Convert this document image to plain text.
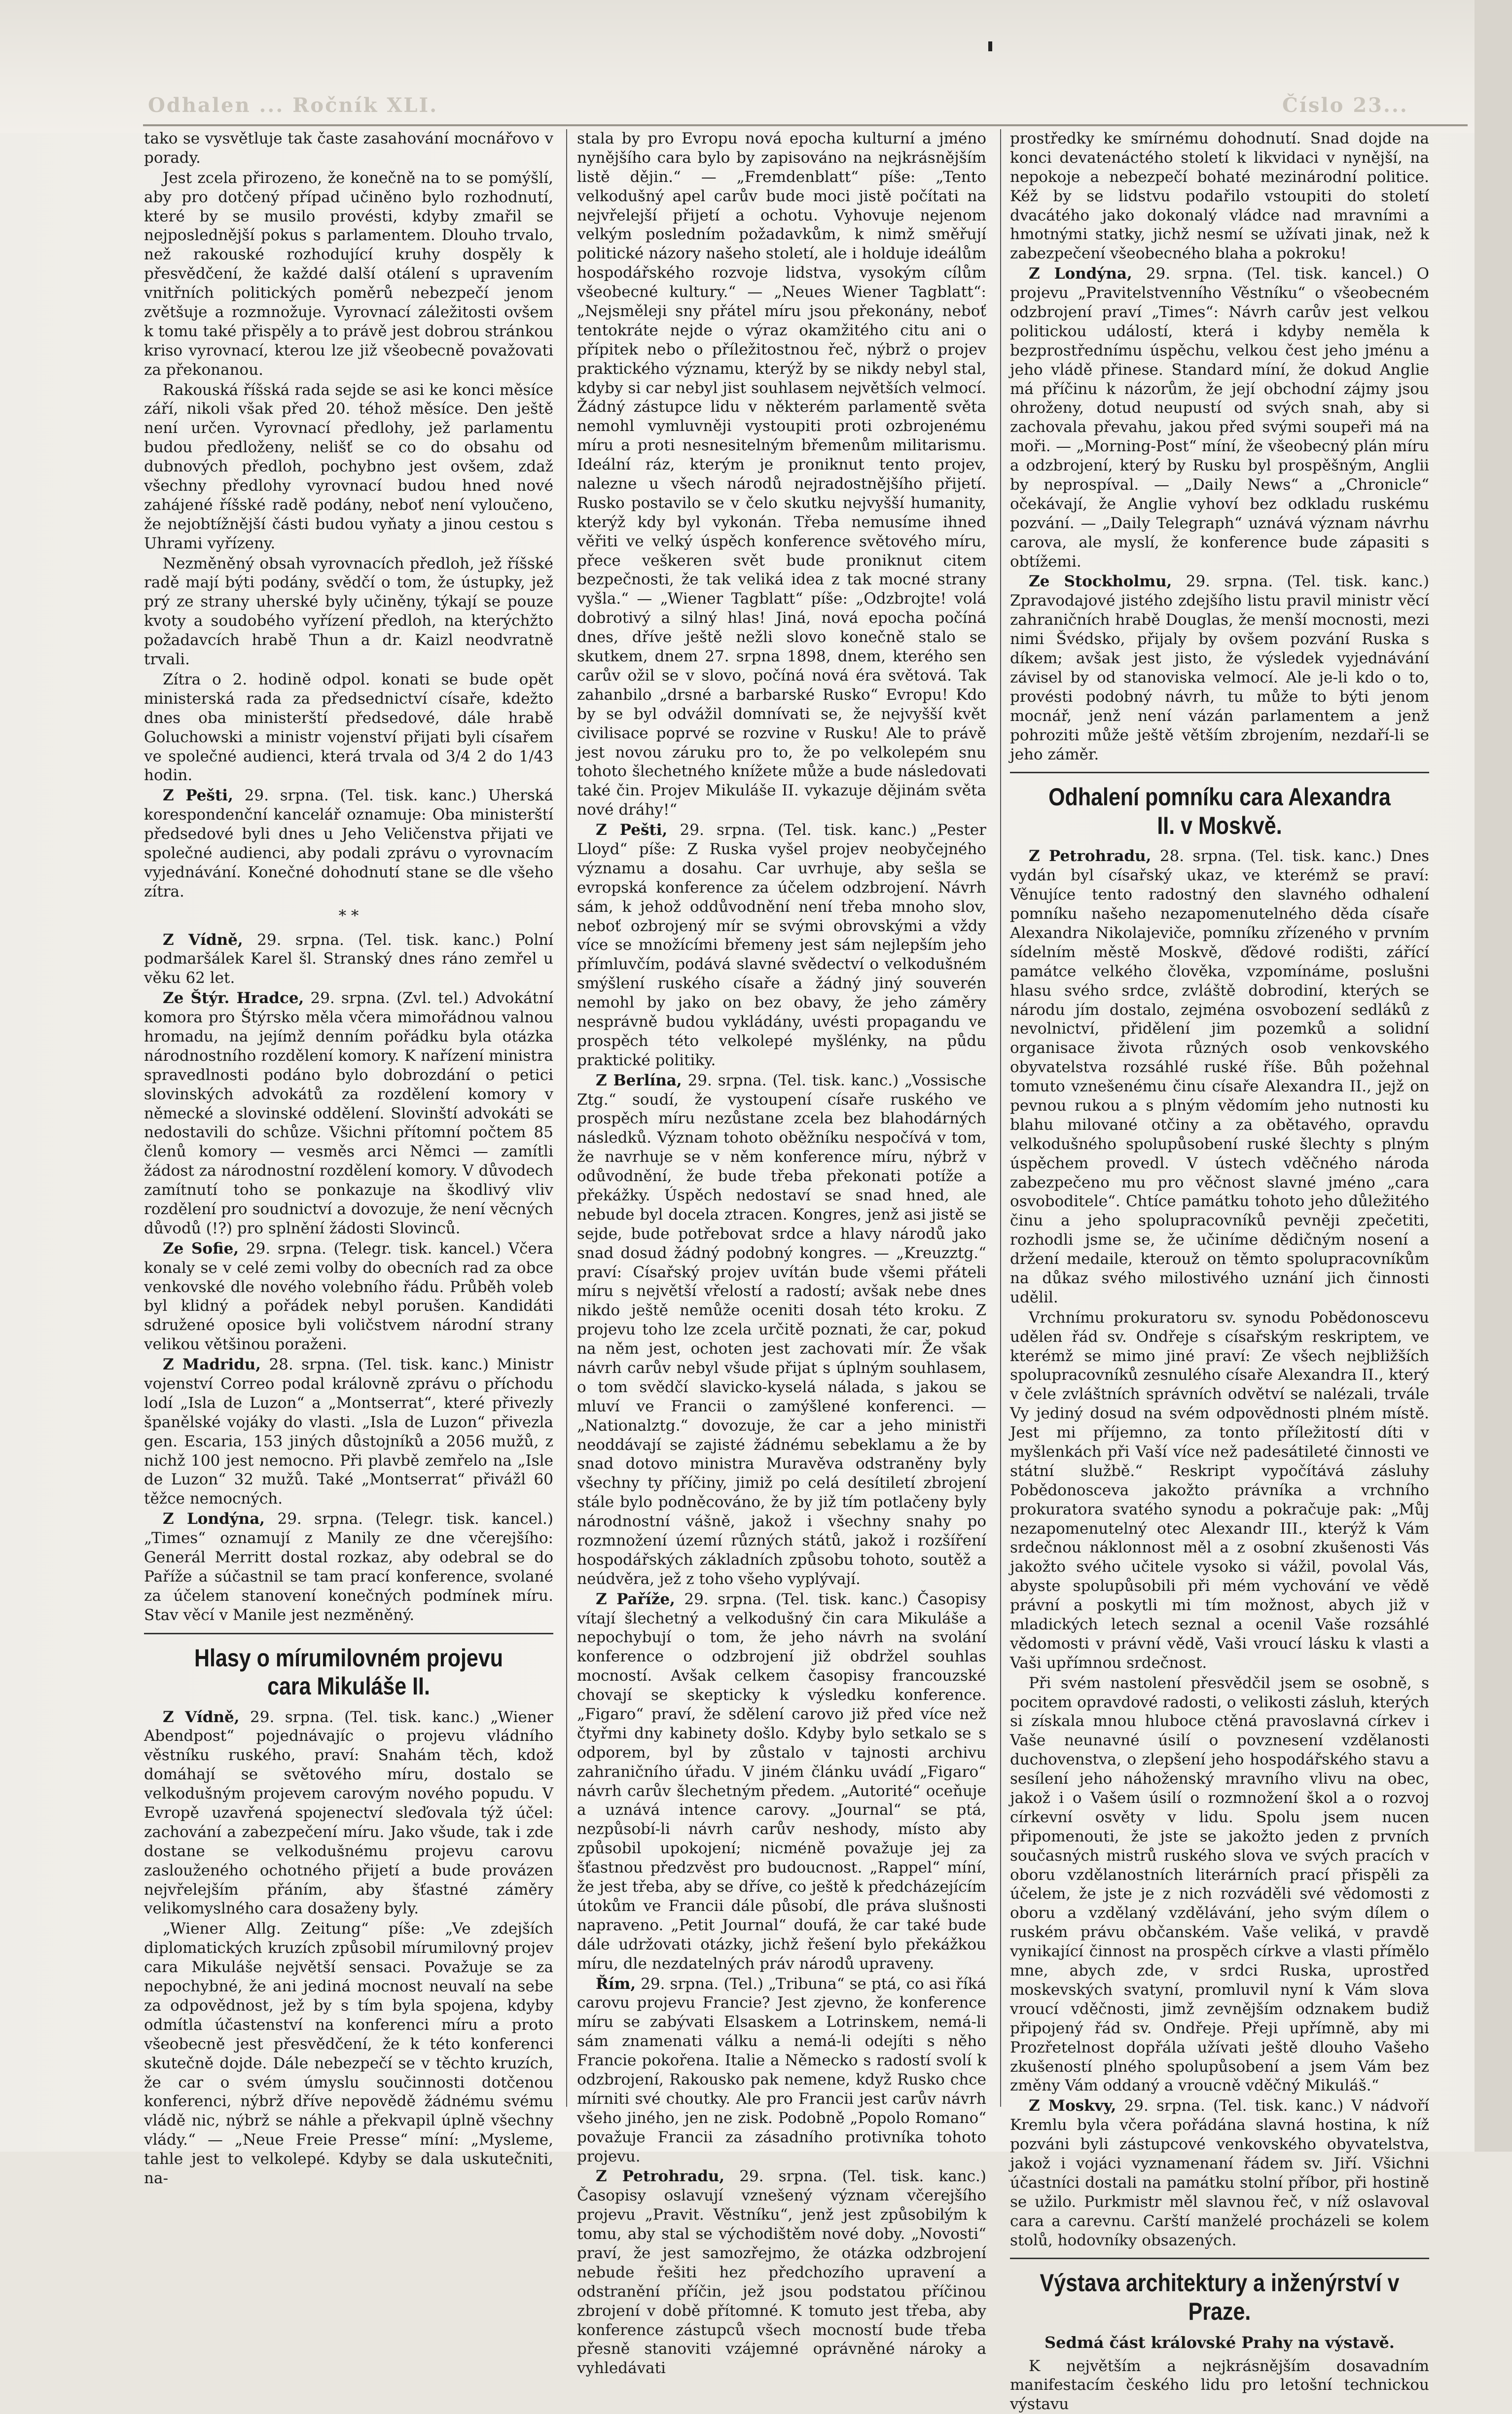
Odhalen ... Ročník XLI.	Číslo 23...

tako se vysvětluje tak časte zasahování mocnářovo v porady.

Jest zcela přirozeno, že konečně na to se pomýšlí, aby pro dotčený případ učiněno bylo rozhodnutí, které by se musilo provésti, kdyby zmařil se nejposlednější pokus s parlamentem. Dlouho trvalo, než rakouské rozhodující kruhy dospěly k přesvědčení, že každé další otálení s upravením vnitřních politických poměrů nebezpečí jenom zvětšuje a rozmnožuje. Vyrovnací záležitosti ovšem k tomu také přispěly a to právě jest dobrou stránkou kriso vyrovnací, kterou lze již všeobecně považovati za překonanou.

Rakouská říšská rada sejde se asi ke konci měsíce září, nikoli však před 20. téhož měsíce. Den ještě není určen. Vyrovnací předlohy, jež parlamentu budou předloženy, nelišť se co do obsahu od dubnových předloh, pochybno jest ovšem, zdaž všechny předlohy vyrovnací budou hned nové zahájené říšské radě podány, neboť není vyloučeno, že nejobtížnější části budou vyňaty a jinou cestou s Uhrami vyřízeny.

Nezměněný obsah vyrovnacích předloh, jež říšské radě mají býti podány, svědčí o tom, že ústupky, jež prý ze strany uherské byly učiněny, týkají se pouze kvoty a soudobého vyřízení předloh, na kterýchžto požadavcích hrabě Thun a dr. Kaizl neodvratně trvali.

Zítra o 2. hodině odpol. konati se bude opět ministerská rada za předsednictví císaře, kdežto dnes oba ministerští předsedové, dále hrabě Goluchowski a ministr vojenství přijati byli císařem ve společné audienci, která trvala od 3/4 2 do 1/43 hodin.

Z Pešti, 29. srpna. (Tel. tisk. kanc.) Uherská korespondenční kancelář oznamuje: Oba ministerští předsedové byli dnes u Jeho Veličenstva přijati ve společné audienci, aby podali zprávu o vyrovnacím vyjednávání. Konečné dohodnutí stane se dle všeho zítra.

* *

Z Vídně, 29. srpna. (Tel. tisk. kanc.) Polní podmaršálek Karel šl. Stranský dnes ráno zemřel u věku 62 let.

Ze Štýr. Hradce, 29. srpna. (Zvl. tel.) Advokátní komora pro Štýrsko měla včera mimořádnou valnou hromadu, na jejímž denním pořádku byla otázka národnostního rozdělení komory. K nařízení ministra spravedlnosti podáno bylo dobrozdání o petici slovinských advokátů za rozdělení komory v německé a slovinské oddělení. Slovinští advokáti se nedostavili do schůze. Všichni přítomní počtem 85 členů komory — vesměs arci Němci — zamítli žádost za národnostní rozdělení komory. V důvodech zamítnutí toho se ponkazuje na škodlivý vliv rozdělení pro soudnictví a dovozuje, že není věcných důvodů (!?) pro splnění žádosti Slovinců.

Ze Sofie, 29. srpna. (Telegr. tisk. kancel.) Včera konaly se v celé zemi volby do obecních rad za obce venkovské dle nového volebního řádu. Průběh voleb byl klidný a pořádek nebyl porušen. Kandidáti sdružené oposice byli voličstvem národní strany velikou většinou poraženi.

Z Madridu, 28. srpna. (Tel. tisk. kanc.) Ministr vojenství Correo podal královně zprávu o příchodu lodí „Isla de Luzon“ a „Montserrat“, které přivezly španělské vojáky do vlasti. „Isla de Luzon“ přivezla gen. Escaria, 153 jiných důstojníků a 2056 mužů, z nichž 100 jest nemocno. Při plavbě zemřelo na „Isle de Luzon“ 32 mužů. Také „Montserrat“ přivážl 60 těžce nemocných.

Z Londýna, 29. srpna. (Telegr. tisk. kancel.) „Times“ oznamují z Manily ze dne včerejšího: Generál Merritt dostal rozkaz, aby odebral se do Paříže a súčastnil se tam prací konference, svolané za účelem stanovení konečných podmínek míru. Stav věcí v Manile jest nezměněný.

Hlasy o mírumilovném projevu cara Mikuláše II.

Z Vídně, 29. srpna. (Tel. tisk. kanc.) „Wiener Abendpost“ pojednávajíc o projevu vládního věstníku ruského, praví: Snahám těch, kdož domáhají se světového míru, dostalo se velkodušným projevem carovým nového popudu. V Evropě uzavřená spojenectví sleďovala týž účel: zachování a zabezpečení míru. Jako všude, tak i zde dostane se velkodušnému projevu carovu zaslouženého ochotného přijetí a bude provázen nejvřelejším přáním, aby šťastné záměry velikomyslného cara dosaženy byly.

„Wiener Allg. Zeitung“ píše: „Ve zdejších diplomatických kruzích způsobil mírumilovný projev cara Mikuláše největší sensaci. Považuje se za nepochybné, že ani jediná mocnost neuvalí na sebe za odpovědnost, jež by s tím byla spojena, kdyby odmítla účastenství na konferenci míru a proto všeobecně jest přesvědčení, že k této konferenci skutečně dojde. Dále nebezpečí se v těchto kruzích, že car o svém úmyslu součinnosti dotčenou konferenci, nýbrž dříve nepovědě žádnému svému vládě nic, nýbrž se náhle a překvapil úplně všechny vlády.“ — „Neue Freie Presse“ míní: „Mysleme, tahle jest to velkolepé. Kdyby se dala uskutečniti, na-

stala by pro Evropu nová epocha kulturní a jméno nynějšího cara bylo by zapisováno na nejkrásnějším listě dějin.“ — „Fremdenblatt“ píše: „Tento velkodušný apel carův bude moci jistě počítati na nejvřelejší přijetí a ochotu. Vyhovuje nejenom velkým posledním požadavkům, k nimž směřují politické názory našeho století, ale i holduje ideálům hospodářského rozvoje lidstva, vysokým cílům všeobecné kultury.“ — „Neues Wiener Tagblatt“: „Nejsměleji sny přátel míru jsou překonány, neboť tentokráte nejde o výraz okamžitého citu ani o přípitek nebo o příležitostnou řeč, nýbrž o projev praktického významu, kterýž by se nikdy nebyl stal, kdyby si car nebyl jist souhlasem největších velmocí. Žádný zástupce lidu v některém parlamentě světa nemohl vymluvněji vystoupiti proti ozbrojenému míru a proti nesnesitelným břemenům militarismu. Ideální ráz, kterým je proniknut tento projev, nalezne u všech národů nejradostnějšího přijetí. Rusko postavilo se v čelo skutku nejvyšší humanity, kterýž kdy byl vykonán. Třeba nemusíme ihned věřiti ve velký úspěch konference světového míru, přece veškeren svět bude proniknut citem bezpečnosti, že tak veliká idea z tak mocné strany vyšla.“ — „Wiener Tagblatt“ píše: „Odzbrojte! volá dobrotivý a silný hlas! Jiná, nová epocha počíná dnes, dříve ještě nežli slovo konečně stalo se skutkem, dnem 27. srpna 1898, dnem, kterého sen carův ožil se v slovo, počíná nová éra světová. Tak zahanbilo „drsné a barbarské Rusko“ Evropu! Kdo by se byl odvážil domnívati se, že nejvyšší květ civilisace poprvé se rozvine v Rusku! Ale to právě jest novou záruku pro to, že po velkolepém snu tohoto šlechetného knížete může a bude následovati také čin. Projev Mikuláše II. vykazuje dějinám světa nové dráhy!“

Z Pešti, 29. srpna. (Tel. tisk. kanc.) „Pester Lloyd“ píše: Z Ruska vyšel projev neobyčejného významu a dosahu. Car uvrhuje, aby sešla se evropská konference za účelem odzbrojení. Návrh sám, k jehož oddůvodnění není třeba mnoho slov, neboť ozbrojený mír se svými obrovskými a vždy více se množícími břemeny jest sám nejlepším jeho přímluvčím, podává slavné svědectví o velkodušném smýšlení ruského císaře a žádný jiný souverén nemohl by jako on bez obavy, že jeho záměry nesprávně budou vykládány, uvésti propagandu ve prospěch této velkolepé myšlénky, na půdu praktické politiky.

Z Berlína, 29. srpna. (Tel. tisk. kanc.) „Vossische Ztg.“ soudí, že vystoupení císaře ruského ve prospěch míru nezůstane zcela bez blahodárných následků. Význam tohoto oběžníku nespočívá v tom, že navrhuje se v něm konference míru, nýbrž v odůvodnění, že bude třeba překonati potíže a překážky. Úspěch nedostaví se snad hned, ale nebude byl docela ztracen. Kongres, jenž asi jistě se sejde, bude potřebovat srdce a hlavy národů jako snad dosud žádný podobný kongres. — „Kreuzztg.“ praví: Císařský projev uvítán bude všemi přáteli míru s největší vřelostí a radostí; avšak nebe dnes nikdo ještě nemůže oceniti dosah této kroku. Z projevu toho lze zcela určitě poznati, že car, pokud na něm jest, ochoten jest zachovati mír. Že však návrh carův nebyl všude přijat s úplným souhlasem, o tom svědčí slavicko-kyselá nálada, s jakou se mluví ve Francii o zamýšlené konferenci. — „Nationalztg.“ dovozuje, že car a jeho ministři neoddávají se zajisté žádnému sebeklamu a že by snad dotovo ministra Muravěva odstraněny byly všechny ty příčiny, jimiž po celá desítiletí zbrojení stále bylo podněcováno, že by již tím potlačeny byly národnostní vášně, jakož i všechny snahy po rozmnožení území různých států, jakož i rozšíření hospodářských základních způsobu tohoto, soutěž a neúdvěra, jež z toho všeho vyplývají.

Z Paříže, 29. srpna. (Tel. tisk. kanc.) Časopisy vítají šlechetný a velkodušný čin cara Mikuláše a nepochybují o tom, že jeho návrh na svolání konference o odzbrojení již obdržel souhlas mocností. Avšak celkem časopisy francouzské chovají se skepticky k výsledku konference. „Figaro“ praví, že sdělení carovo již před více než čtyřmi dny kabinety došlo. Kdyby bylo setkalo se s odporem, byl by zůstalo v tajnosti archivu zahraničního úřadu. V jiném článku uvádí „Figaro“ návrh carův šlechetným předem. „Autorité“ oceňuje a uznává intence carovy. „Journal“ se ptá, nezpůsobí-li návrh carův neshody, místo aby způsobil upokojení; nicméně považuje jej za šťastnou předzvěst pro budoucnost. „Rappel“ míní, že jest třeba, aby se dříve, co ještě k předcházejícím útokům ve Francii dále působí, dle práva slušnosti napraveno. „Petit Journal“ doufá, že car také bude dále udržovati otázky, jichž řešení bylo překážkou míru, dle nezdatelných práv národů upraveny.

Řím, 29. srpna. (Tel.) „Tribuna“ se ptá, co asi říká carovu projevu Francie? Jest zjevno, že konference míru se zabývati Elsaskem a Lotrinskem, nemá-li sám znamenati válku a nemá-li odejíti s něho Francie pokořena. Italie a Německo s radostí svolí k odzbrojení, Rakousko pak nemene, když Rusko chce mírniti své choutky. Ale pro Francii jest carův návrh všeho jiného, jen ne zisk. Podobně „Popolo Romano“ považuje Francii za zásadního protivníka tohoto projevu.

Z Petrohradu, 29. srpna. (Tel. tisk. kanc.) Časopisy oslavují vznešený význam včerejšího projevu „Pravit. Věstníku“, jenž jest způsobilým k tomu, aby stal se východištěm nové doby. „Novosti“ praví, že jest samozřejmo, že otázka odzbrojení nebude řešiti hez předchozího upravení a odstranění příčin, jež jsou podstatou příčinou zbrojení v době přítomné. K tomuto jest třeba, aby konference zástupců všech mocností bude třeba přesně stanoviti vzájemné oprávněné nároky a vyhledávati

prostředky ke smírnému dohodnutí. Snad dojde na konci devatenáctého století k likvidaci v nynější, na nepokoje a nebezpečí bohaté mezinárodní politice. Kéž by se lidstvu podařilo vstoupiti do století dvacátého jako dokonalý vládce nad mravními a hmotnými statky, jichž nesmí se užívati jinak, než k zabezpečení všeobecného blaha a pokroku!

Z Londýna, 29. srpna. (Tel. tisk. kancel.) O projevu „Pravitelstvenního Věstníku“ o všeobecném odzbrojení praví „Times“: Návrh carův jest velkou politickou událostí, která i kdyby neměla k bezprostřednímu úspěchu, velkou čest jeho jménu a jeho vládě přinese. Standard míní, že dokud Anglie má příčinu k názorům, že její obchodní zájmy jsou ohroženy, dotud neupustí od svých snah, aby si zachovala převahu, jakou před svými soupeři má na moři. — „Morning-Post“ míní, že všeobecný plán míru a odzbrojení, který by Rusku byl prospěšným, Anglii by neprospíval. — „Daily News“ a „Chronicle“ očekávají, že Anglie vyhoví bez odkladu ruskému pozvání. — „Daily Telegraph“ uznává význam návrhu carova, ale myslí, že konference bude zápasiti s obtížemi.

Ze Stockholmu, 29. srpna. (Tel. tisk. kanc.) Zpravodajové jistého zdejšího listu pravil ministr věcí zahraničních hrabě Douglas, že menší mocnosti, mezi nimi Švédsko, přijaly by ovšem pozvání Ruska s díkem; avšak jest jisto, že výsledek vyjednávání závisel by od stanoviska velmocí. Ale je-li kdo o to, provésti podobný návrh, tu může to býti jenom mocnář, jenž není vázán parlamentem a jenž pohroziti může ještě větším zbrojením, nezdaří-li se jeho záměr.

Odhalení pomníku cara Alexandra II. v Moskvě.

Z Petrohradu, 28. srpna. (Tel. tisk. kanc.) Dnes vydán byl císařský ukaz, ve kterémž se praví: Věnujíce tento radostný den slavného odhalení pomníku našeho nezapomenutelného děda císaře Alexandra Nikolajeviče, pomníku zřízeného v prvním sídelním městě Moskvě, ďědové rodišti, zářící památce velkého člověka, vzpomínáme, poslušni hlasu svého srdce, zvláště dobrodiní, kterých se národu jím dostalo, zejména osvobození sedláků z nevolnictví, přidělení jim pozemků a solidní organisace života různých osob venkovského obyvatelstva rozsáhlé ruské říše. Bůh požehnal tomuto vznešenému činu císaře Alexandra II., jejž on pevnou rukou a s plným vědomím jeho nutnosti ku blahu milované otčiny a za obětavého, opravdu velkodušného spolupůsobení ruské šlechty s plným úspěchem provedl. V ústech vděčného národa zabezpečeno mu pro věčnost slavné jméno „cara osvoboditele“. Chtíce památku tohoto jeho důležitého činu a jeho spolupracovníků pevněji zpečetiti, rozhodli jsme se, že učiníme dědičným nosení a držení medaile, kterouž on těmto spolupracovníkům na důkaz svého milostivého uznání jich činnosti udělil.

Vrchnímu prokuratoru sv. synodu Pobědonoscevu udělen řád sv. Ondřeje s císařským reskriptem, ve kterémž se mimo jiné praví: Ze všech nejbližších spolupracovníků zesnulého císaře Alexandra II., který v čele zvláštních správních odvětví se nalézali, trvále Vy jediný dosud na svém odpovědnosti plném místě. Jest mi příjemno, za tonto příležitostí díti v myšlenkách při Vaší více než padesátileté činnosti ve státní službě.“ Reskript vypočítává zásluhy Pobědonosceva jakožto právníka a vrchního prokuratora svatého synodu a pokračuje pak: „Můj nezapomenutelný otec Alexandr III., kterýž k Vám srdečnou náklonnost měl a z osobní zkušenosti Vás jakožto svého učitele vysoko si vážil, povolal Vás, abyste spolupůsobili při mém vychování ve vědě právní a poskytli mi tím možnost, abych již v mladických letech seznal a ocenil Vaše rozsáhlé vědomosti v právní vědě, Vaši vroucí lásku k vlasti a Vaši upřímnou srdečnost.

Při svém nastolení přesvědčil jsem se osobně, s pocitem opravdové radosti, o velikosti zásluh, kterých si získala mnou hluboce ctěná pravoslavná církev i Vaše neunavné úsilí o povznesení vzdělanosti duchovenstva, o zlepšení jeho hospodářského stavu a sesílení jeho náhoženský mravního vlivu na obec, jakož i o Vašem úsilí o rozmnožení škol a o rozvoj církevní osvěty v lidu. Spolu jsem nucen připomenouti, že jste se jakožto jeden z prvních současných mistrů ruského slova ve svých pracích v oboru vzdělanostních literárních prací přispěli za účelem, že jste je z nich rozváděli své vědomosti z oboru a vzdělaný vzdělávání, jeho svým dílem o ruském právu občanském. Vaše veliká, v pravdě vynikající činnost na prospěch církve a vlasti přímělo mne, abych zde, v srdci Ruska, uprostřed moskevských svatyní, promluvil nyní k Vám slova vroucí vděčnosti, jimž zevnějším odznakem budiž připojený řád sv. Ondřeje. Přeji upřímně, aby mi Prozřetelnost dopřála užívati ještě dlouho Vašeho zkušeností plného spolupůsobení a jsem Vám bez změny Vám oddaný a vroucně vděčný Mikuláš.“

Z Moskvy, 29. srpna. (Tel. tisk. kanc.) V nádvoří Kremlu byla včera pořádána slavná hostina, k níž pozváni byli zástupcové venkovského obyvatelstva, jakož i vojáci vyznamenaní řádem sv. Jiří. Všichni účastníci dostali na památku stolní příbor, při hostině se užilo. Purkmistr měl slavnou řeč, v níž oslavoval cara a carevnu. Carští manželé procházeli se kolem stolů, hodovníky obsazených.

Výstava architektury a inženýrství v Praze.

Sedmá část královské Prahy na výstavě.

K největším a nejkrásnějším dosavadním manifestacím českého lidu pro letošní technickou výstavu
